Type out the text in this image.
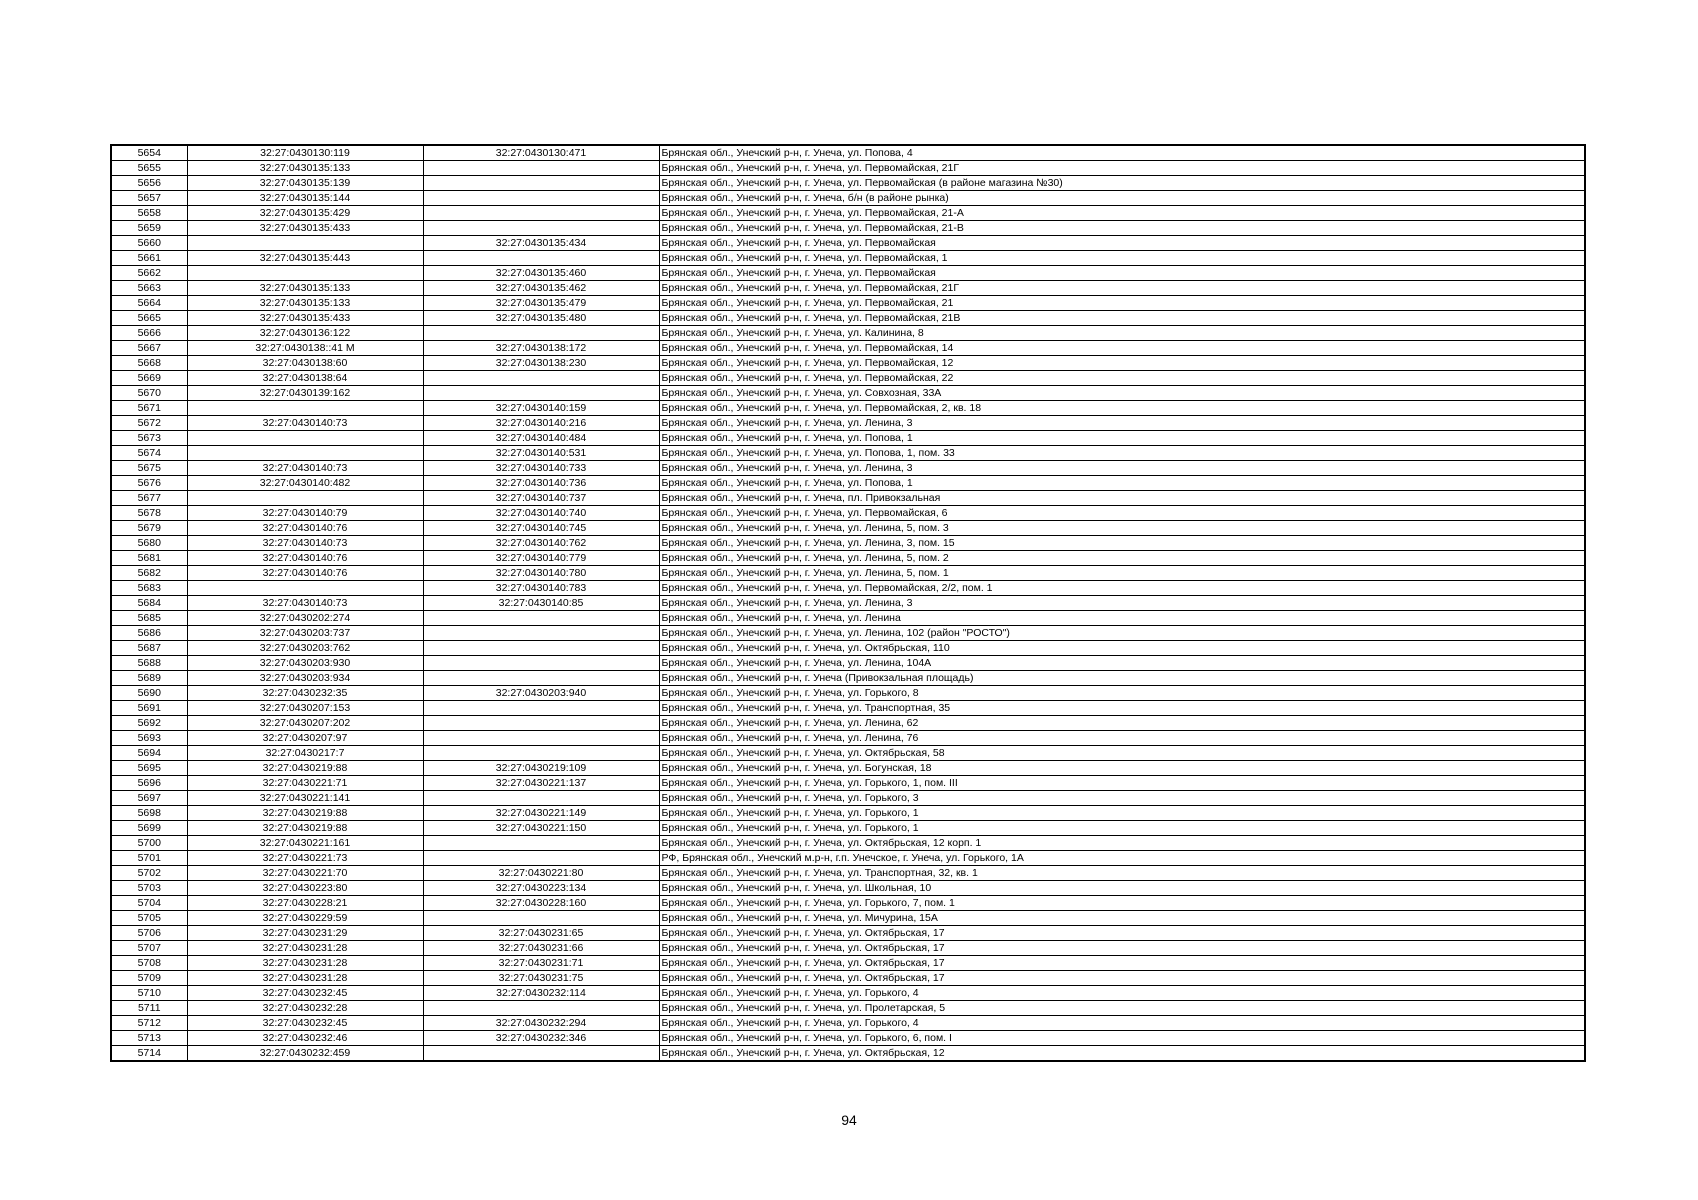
5654	32:27:0430130:119	32:27:0430130:471	Брянская обл., Унечский р-н, г. Унеча, ул. Попова, 4
5655	32:27:0430135:133		Брянская обл., Унечский р-н, г. Унеча, ул. Первомайская, 21Г
5656	32:27:0430135:139		Брянская обл., Унечский р-н, г. Унеча, ул. Первомайская (в районе магазина №30)
5657	32:27:0430135:144		Брянская обл., Унечский р-н, г. Унеча, б/н (в районе рынка)
5658	32:27:0430135:429		Брянская обл., Унечский р-н, г. Унеча, ул. Первомайская, 21-А
5659	32:27:0430135:433		Брянская обл., Унечский р-н, г. Унеча, ул. Первомайская, 21-В
5660		32:27:0430135:434	Брянская обл., Унечский р-н, г. Унеча, ул. Первомайская
5661	32:27:0430135:443		Брянская обл., Унечский р-н, г. Унеча, ул. Первомайская, 1
5662		32:27:0430135:460	Брянская обл., Унечский р-н, г. Унеча, ул. Первомайская
5663	32:27:0430135:133	32:27:0430135:462	Брянская обл., Унечский р-н, г. Унеча, ул. Первомайская, 21Г
5664	32:27:0430135:133	32:27:0430135:479	Брянская обл., Унечский р-н, г. Унеча, ул. Первомайская, 21
5665	32:27:0430135:433	32:27:0430135:480	Брянская обл., Унечский р-н, г. Унеча, ул. Первомайская, 21В
5666	32:27:0430136:122		Брянская обл., Унечский р-н, г. Унеча, ул. Калинина, 8
5667	32:27:0430138::41 М	32:27:0430138:172	Брянская обл., Унечский р-н, г. Унеча, ул. Первомайская, 14
5668	32:27:0430138:60	32:27:0430138:230	Брянская обл., Унечский р-н, г. Унеча, ул. Первомайская, 12
5669	32:27:0430138:64		Брянская обл., Унечский р-н, г. Унеча, ул. Первомайская, 22
5670	32:27:0430139:162		Брянская обл., Унечский р-н, г. Унеча, ул. Совхозная, 33А
5671		32:27:0430140:159	Брянская обл., Унечский р-н, г. Унеча, ул. Первомайская, 2, кв. 18
5672	32:27:0430140:73	32:27:0430140:216	Брянская обл., Унечский р-н, г. Унеча, ул. Ленина, 3
5673		32:27:0430140:484	Брянская обл., Унечский р-н, г. Унеча, ул. Попова, 1
5674		32:27:0430140:531	Брянская обл., Унечский р-н, г. Унеча, ул. Попова, 1, пом. 33
5675	32:27:0430140:73	32:27:0430140:733	Брянская обл., Унечский р-н, г. Унеча, ул. Ленина, 3
5676	32:27:0430140:482	32:27:0430140:736	Брянская обл., Унечский р-н, г. Унеча, ул. Попова, 1
5677		32:27:0430140:737	Брянская обл., Унечский р-н, г. Унеча, пл. Привокзальная
5678	32:27:0430140:79	32:27:0430140:740	Брянская обл., Унечский р-н, г. Унеча, ул. Первомайская, 6
5679	32:27:0430140:76	32:27:0430140:745	Брянская обл., Унечский р-н, г. Унеча, ул. Ленина, 5, пом. 3
5680	32:27:0430140:73	32:27:0430140:762	Брянская обл., Унечский р-н, г. Унеча, ул. Ленина, 3, пом. 15
5681	32:27:0430140:76	32:27:0430140:779	Брянская обл., Унечский р-н, г. Унеча, ул. Ленина, 5, пом. 2
5682	32:27:0430140:76	32:27:0430140:780	Брянская обл., Унечский р-н, г. Унеча, ул. Ленина, 5, пом. 1
5683		32:27:0430140:783	Брянская обл., Унечский р-н, г. Унеча, ул. Первомайская, 2/2, пом. 1
5684	32:27:0430140:73	32:27:0430140:85	Брянская обл., Унечский р-н, г. Унеча, ул. Ленина, 3
5685	32:27:0430202:274		Брянская обл., Унечский р-н, г. Унеча, ул. Ленина
5686	32:27:0430203:737		Брянская обл., Унечский р-н, г. Унеча, ул. Ленина, 102 (район "РОСТО")
5687	32:27:0430203:762		Брянская обл., Унечский р-н, г. Унеча, ул. Октябрьская, 110
5688	32:27:0430203:930		Брянская обл., Унечский р-н, г. Унеча, ул. Ленина, 104А
5689	32:27:0430203:934		Брянская обл., Унечский р-н, г. Унеча (Привокзальная площадь)
5690	32:27:0430232:35	32:27:0430203:940	Брянская обл., Унечский р-н, г. Унеча, ул. Горького, 8
5691	32:27:0430207:153		Брянская обл., Унечский р-н, г. Унеча, ул. Транспортная, 35
5692	32:27:0430207:202		Брянская обл., Унечский р-н, г. Унеча, ул. Ленина, 62
5693	32:27:0430207:97		Брянская обл., Унечский р-н, г. Унеча, ул. Ленина, 76
5694	32:27:0430217:7		Брянская обл., Унечский р-н, г. Унеча, ул. Октябрьская, 58
5695	32:27:0430219:88	32:27:0430219:109	Брянская обл., Унечский р-н, г. Унеча, ул. Богунская, 18
5696	32:27:0430221:71	32:27:0430221:137	Брянская обл., Унечский р-н, г. Унеча, ул. Горького, 1, пом. III
5697	32:27:0430221:141		Брянская обл., Унечский р-н, г. Унеча, ул. Горького, 3
5698	32:27:0430219:88	32:27:0430221:149	Брянская обл., Унечский р-н, г. Унеча, ул. Горького, 1
5699	32:27:0430219:88	32:27:0430221:150	Брянская обл., Унечский р-н, г. Унеча, ул. Горького, 1
5700	32:27:0430221:161		Брянская обл., Унечский р-н, г. Унеча, ул. Октябрьская, 12 корп. 1
5701	32:27:0430221:73		РФ, Брянская обл., Унечский м.р-н, г.п. Унечское, г. Унеча, ул. Горького, 1А
5702	32:27:0430221:70	32:27:0430221:80	Брянская обл., Унечский р-н, г. Унеча, ул. Транспортная, 32, кв. 1
5703	32:27:0430223:80	32:27:0430223:134	Брянская обл., Унечский р-н, г. Унеча, ул. Школьная, 10
5704	32:27:0430228:21	32:27:0430228:160	Брянская обл., Унечский р-н, г. Унеча, ул. Горького, 7, пом. 1
5705	32:27:0430229:59		Брянская обл., Унечский р-н, г. Унеча, ул. Мичурина, 15А
5706	32:27:0430231:29	32:27:0430231:65	Брянская обл., Унечский р-н, г. Унеча, ул. Октябрьская, 17
5707	32:27:0430231:28	32:27:0430231:66	Брянская обл., Унечский р-н, г. Унеча, ул. Октябрьская, 17
5708	32:27:0430231:28	32:27:0430231:71	Брянская обл., Унечский р-н, г. Унеча, ул. Октябрьская, 17
5709	32:27:0430231:28	32:27:0430231:75	Брянская обл., Унечский р-н, г. Унеча, ул. Октябрьская, 17
5710	32:27:0430232:45	32:27:0430232:114	Брянская обл., Унечский р-н, г. Унеча, ул. Горького, 4
5711	32:27:0430232:28		Брянская обл., Унечский р-н, г. Унеча, ул. Пролетарская, 5
5712	32:27:0430232:45	32:27:0430232:294	Брянская обл., Унечский р-н, г. Унеча, ул. Горького, 4
5713	32:27:0430232:46	32:27:0430232:346	Брянская обл., Унечский р-н, г. Унеча, ул. Горького, 6, пом. I
5714	32:27:0430232:459		Брянская обл., Унечский р-н, г. Унеча, ул. Октябрьская, 12
94
